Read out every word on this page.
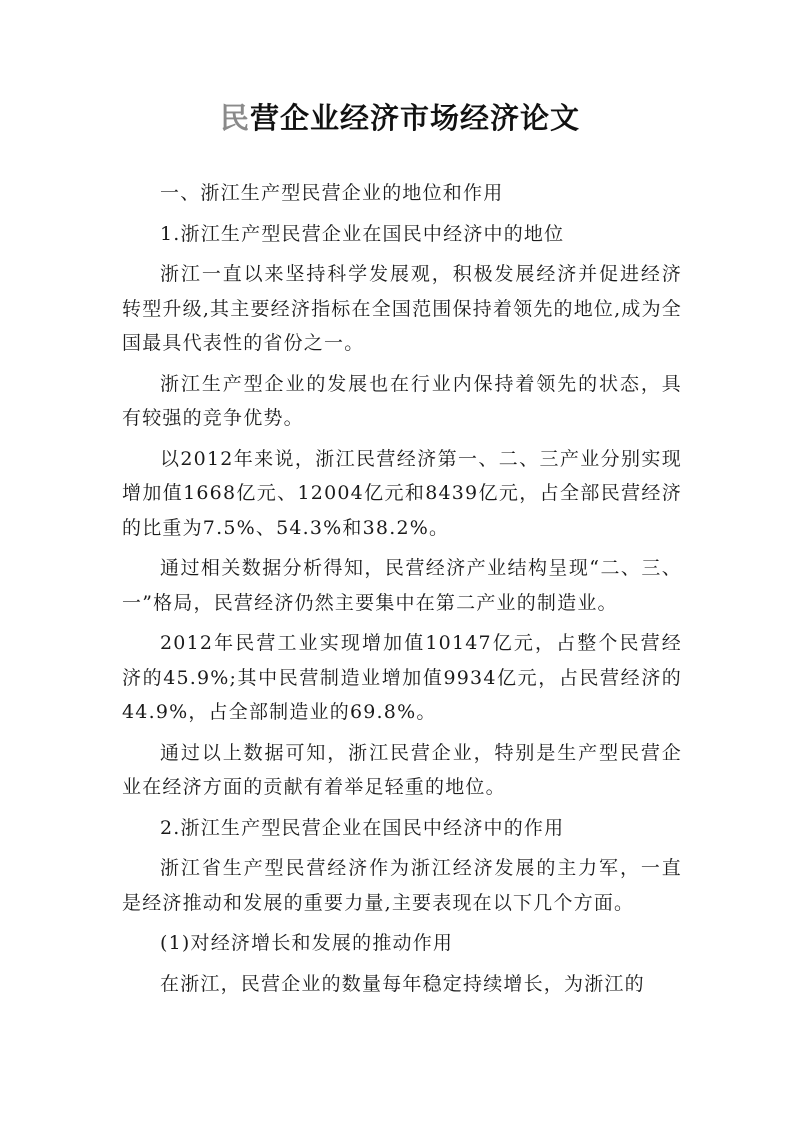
民营企业经济市场经济论文

一、浙江生产型民营企业的地位和作用

1.浙江生产型民营企业在国民中经济中的地位

浙江一直以来坚持科学发展观，积极发展经济并促进经济转型升级,其主要经济指标在全国范围保持着领先的地位,成为全国最具代表性的省份之一。

浙江生产型企业的发展也在行业内保持着领先的状态，具有较强的竞争优势。

以2012年来说，浙江民营经济第一、二、三产业分别实现增加值1668亿元、12004亿元和8439亿元，占全部民营经济的比重为7.5%、54.3%和38.2%。

通过相关数据分析得知，民营经济产业结构呈现“二、三、一”格局，民营经济仍然主要集中在第二产业的制造业。

2012年民营工业实现增加值10147亿元，占整个民营经济的45.9%;其中民营制造业增加值9934亿元，占民营经济的44.9%，占全部制造业的69.8%。

通过以上数据可知，浙江民营企业，特别是生产型民营企业在经济方面的贡献有着举足轻重的地位。

2.浙江生产型民营企业在国民中经济中的作用

浙江省生产型民营经济作为浙江经济发展的主力军，一直是经济推动和发展的重要力量,主要表现在以下几个方面。

(1)对经济增长和发展的推动作用

在浙江，民营企业的数量每年稳定持续增长，为浙江的
